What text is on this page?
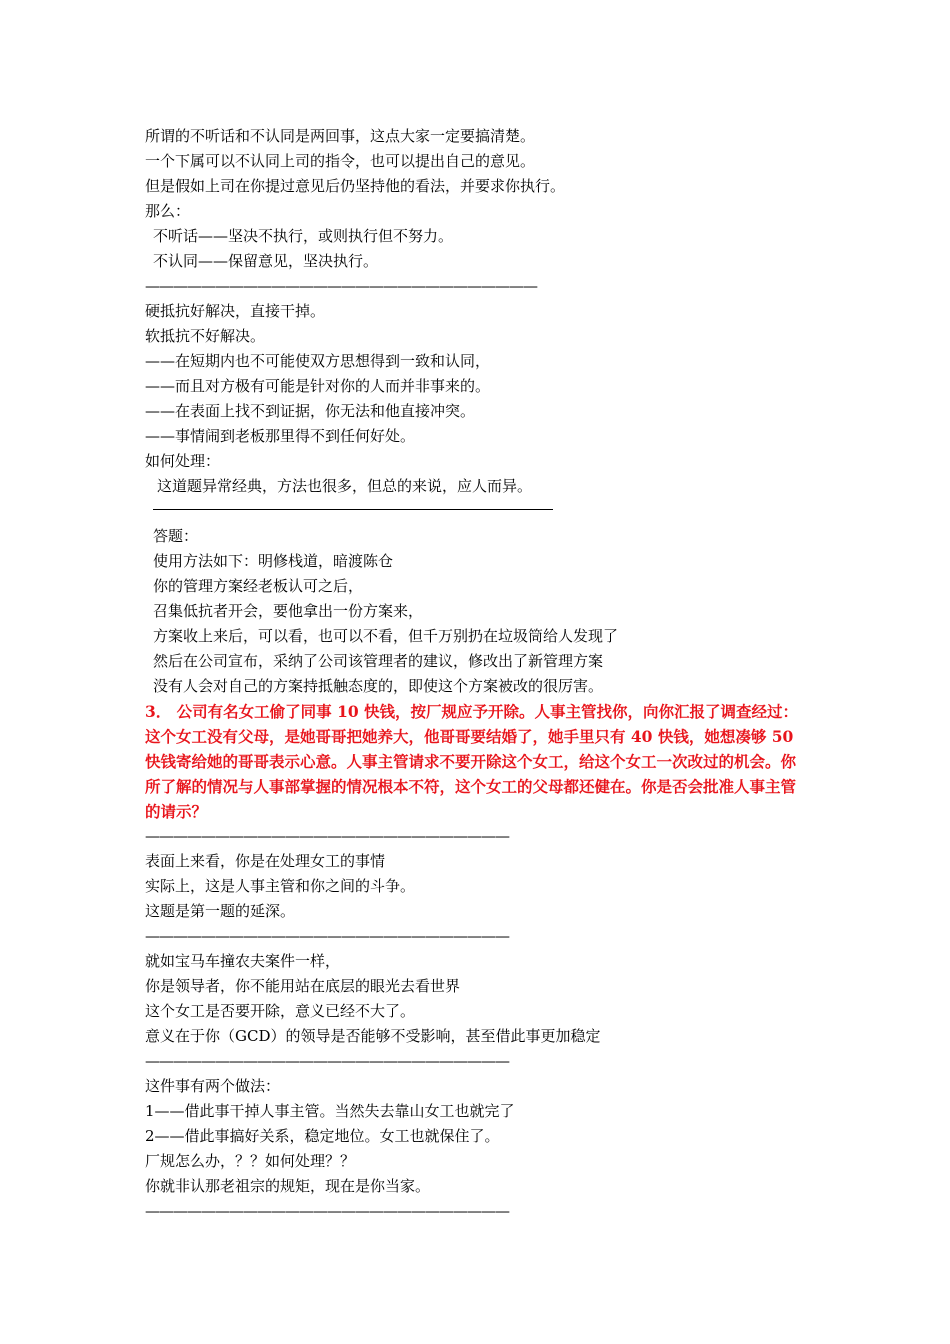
所谓的不听话和不认同是两回事，这点大家一定要搞清楚。
一个下属可以不认同上司的指令，也可以提出自己的意见。
但是假如上司在你提过意见后仍坚持他的看法，并要求你执行。
那么：
不听话——坚决不执行，或则执行但不努力。
不认同——保留意见，坚决执行。
————————————————————————————
硬抵抗好解决，直接干掉。
软抵抗不好解决。
——在短期内也不可能使双方思想得到一致和认同，
——而且对方极有可能是针对你的人而并非事来的。
——在表面上找不到证据，你无法和他直接冲突。
——事情闹到老板那里得不到任何好处。
如何处理：
这道题异常经典，方法也很多，但总的来说，应人而异。
答题：
使用方法如下：明修栈道，暗渡陈仓
你的管理方案经老板认可之后，
召集低抗者开会，要他拿出一份方案来，
方案收上来后，可以看，也可以不看，但千万别扔在垃圾筒给人发现了
然后在公司宣布，采纳了公司该管理者的建议，修改出了新管理方案
没有人会对自己的方案持抵触态度的，即使这个方案被改的很厉害。
3． 公司有名女工偷了同事 10 快钱，按厂规应予开除。人事主管找你，向你汇报了调查经过：这个女工没有父母，是她哥哥把她养大，他哥哥要结婚了，她手里只有 40 快钱，她想凑够 50 快钱寄给她的哥哥表示心意。人事主管请求不要开除这个女工，给这个女工一次改过的机会。你所了解的情况与人事部掌握的情况根本不符，这个女工的父母都还健在。你是否会批准人事主管的请示？
——————————————————————————
表面上来看，你是在处理女工的事情
实际上，这是人事主管和你之间的斗争。
这题是第一题的延深。
——————————————————————————
就如宝马车撞农夫案件一样，
你是领导者，你不能用站在底层的眼光去看世界
这个女工是否要开除，意义已经不大了。
意义在于你（GCD）的领导是否能够不受影响，甚至借此事更加稳定
——————————————————————————
这件事有两个做法：
1——借此事干掉人事主管。当然失去靠山女工也就完了
2——借此事搞好关系，稳定地位。女工也就保住了。
厂规怎么办，？？如何处理？？
你就非认那老祖宗的规矩，现在是你当家。
——————————————————————————
